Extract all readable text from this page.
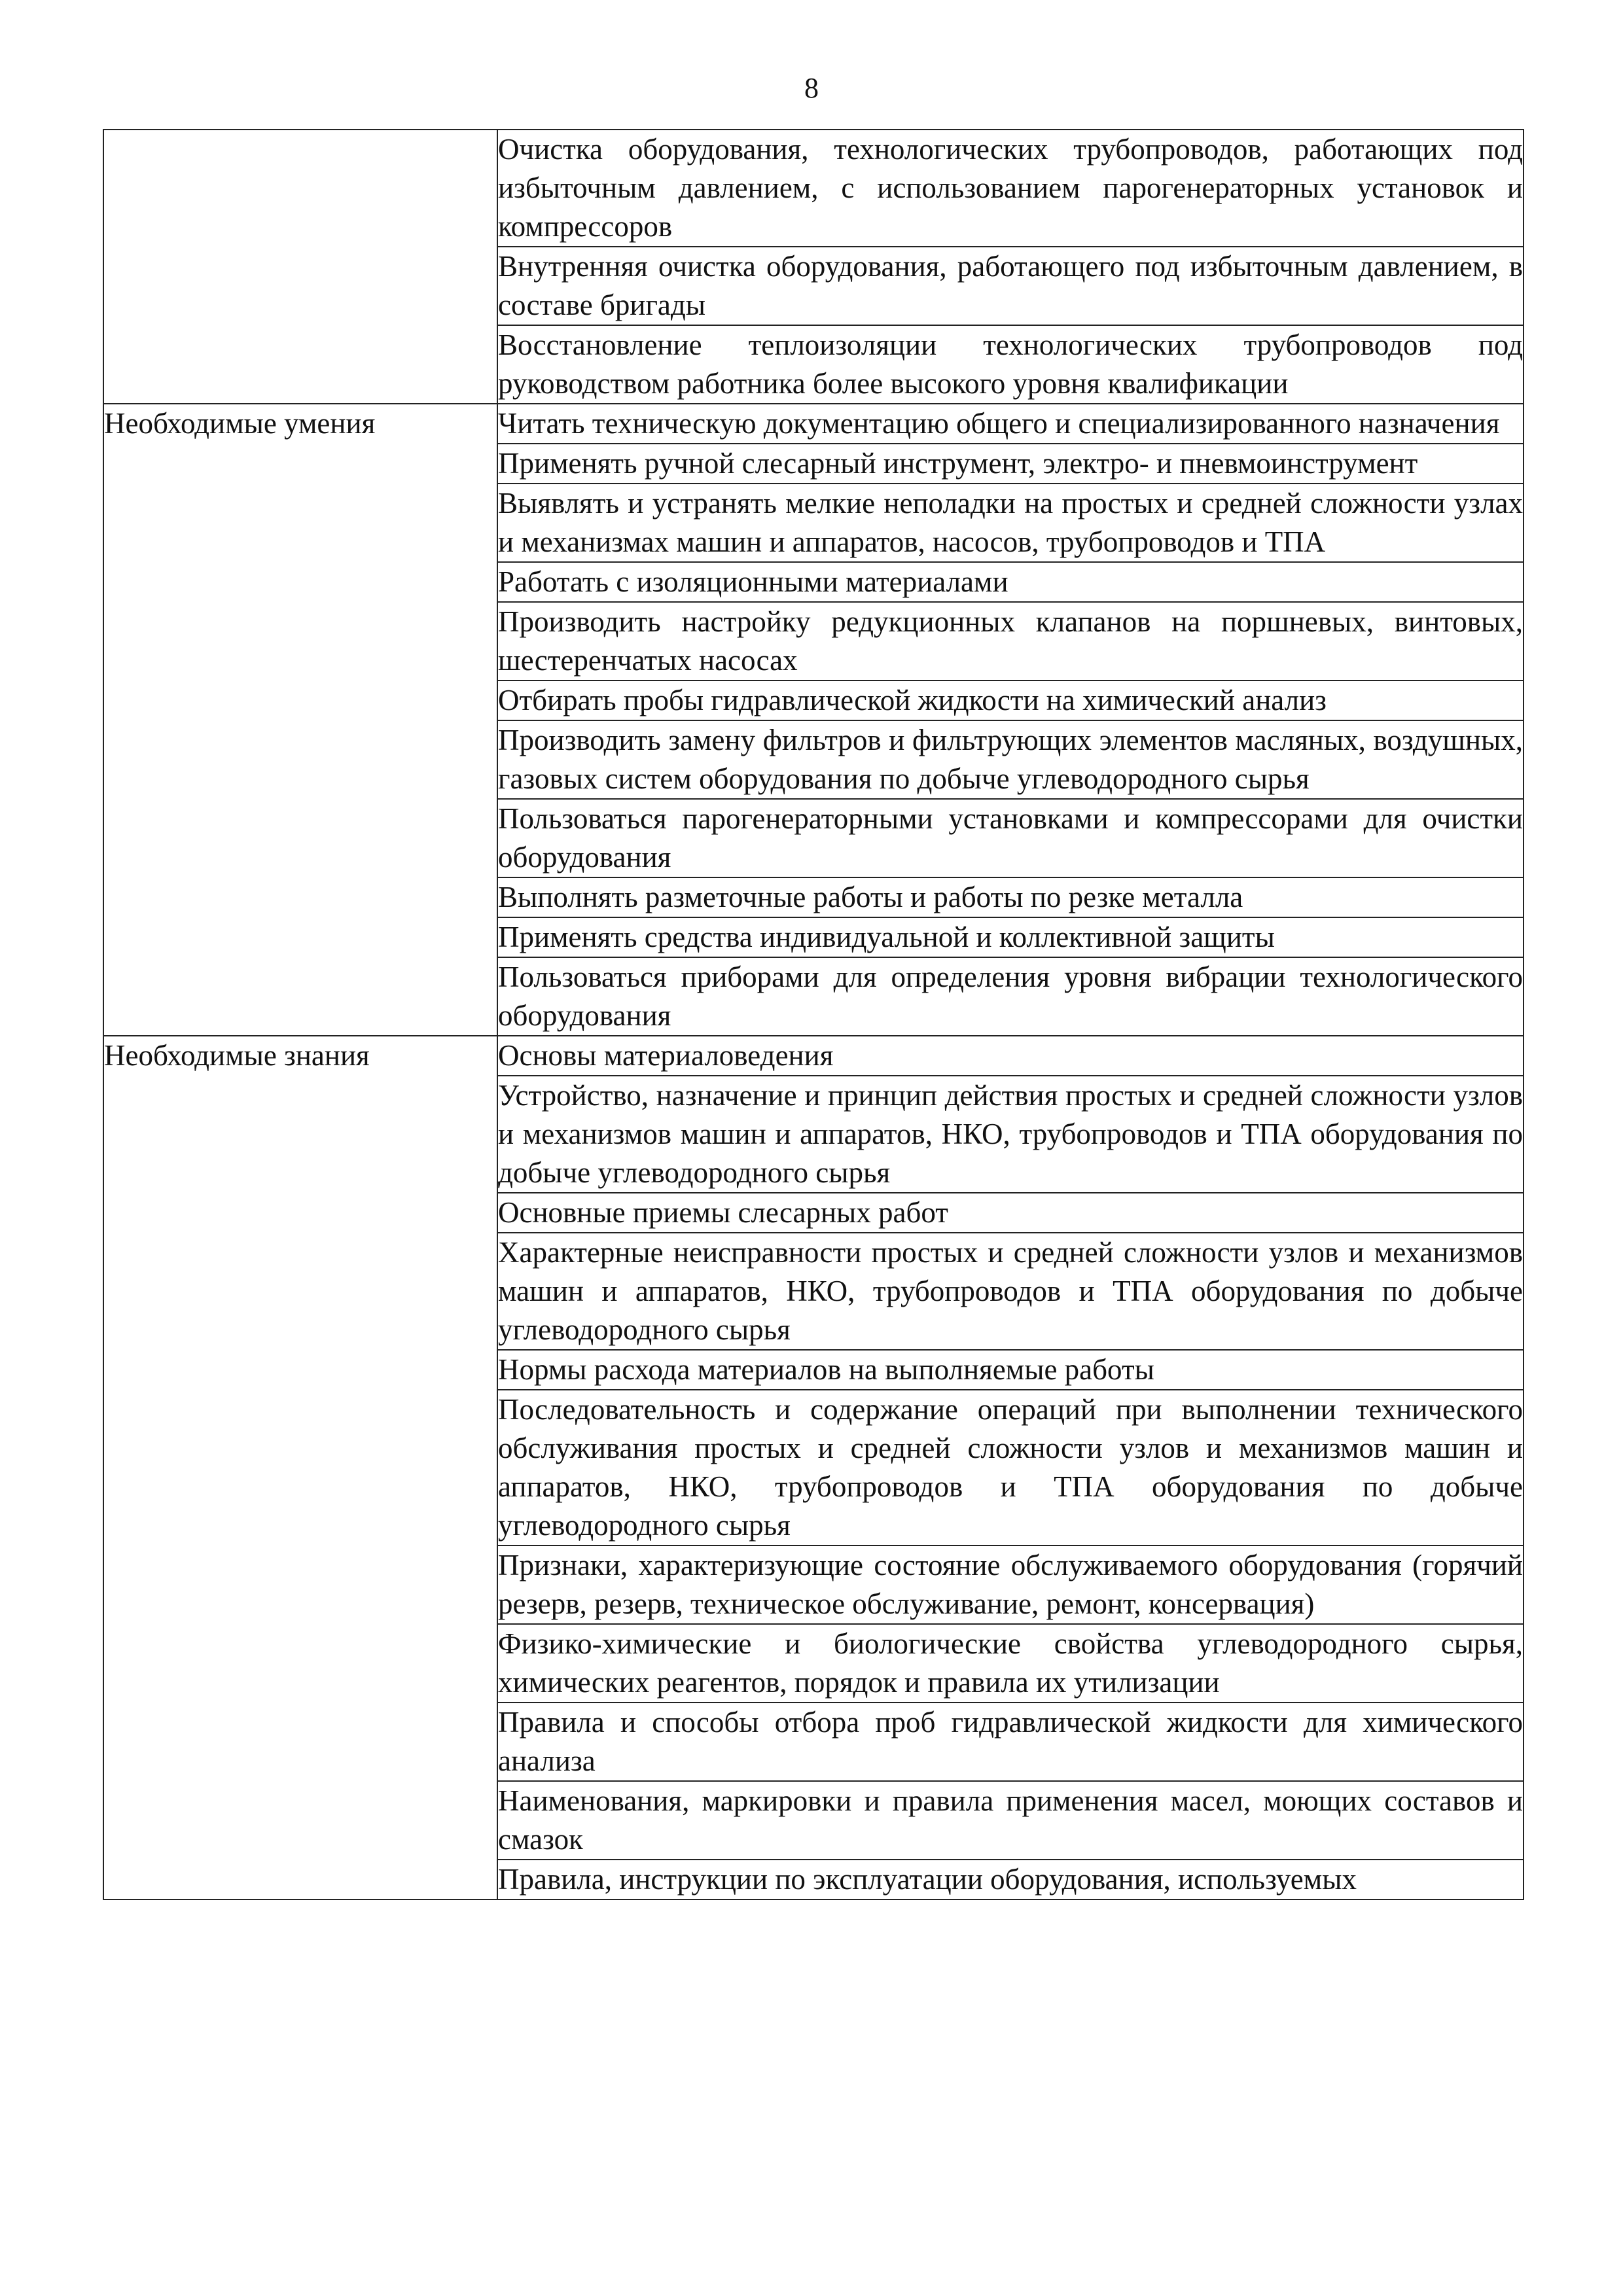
8

	Очистка оборудования, технологических трубопроводов, работающих под избыточным давлением, с использованием парогенераторных установок и компрессоров

	Внутренняя очистка оборудования, работающего под избыточным давлением, в составе бригады

	Восстановление теплоизоляции технологических трубопроводов под руководством работника более высокого уровня квалификации

Необходимые умения	Читать техническую документацию общего и специализированного назначения

	Применять ручной слесарный инструмент, электро- и пневмоинструмент

	Выявлять и устранять мелкие неполадки на простых и средней сложности узлах и механизмах машин и аппаратов, насосов, трубопроводов и ТПА

	Работать с изоляционными материалами

	Производить настройку редукционных клапанов на поршневых, винтовых, шестеренчатых насосах

	Отбирать пробы гидравлической жидкости на химический анализ

	Производить замену фильтров и фильтрующих элементов масляных, воздушных, газовых систем оборудования по добыче углеводородного сырья

	Пользоваться парогенераторными установками и компрессорами для очистки оборудования

	Выполнять разметочные работы и работы по резке металла

	Применять средства индивидуальной и коллективной защиты

	Пользоваться приборами для определения уровня вибрации технологического оборудования

Необходимые знания	Основы материаловедения

	Устройство, назначение и принцип действия простых и средней сложности узлов и механизмов машин и аппаратов, НКО, трубопроводов и ТПА оборудования по добыче углеводородного сырья

	Основные приемы слесарных работ

	Характерные неисправности простых и средней сложности узлов и механизмов машин и аппаратов, НКО, трубопроводов и ТПА оборудования по добыче углеводородного сырья

	Нормы расхода материалов на выполняемые работы

	Последовательность и содержание операций при выполнении технического обслуживания простых и средней сложности узлов и механизмов машин и аппаратов, НКО, трубопроводов и ТПА оборудования по добыче углеводородного сырья

	Признаки, характеризующие состояние обслуживаемого оборудования (горячий резерв, резерв, техническое обслуживание, ремонт, консервация)

	Физико-химические и биологические свойства углеводородного сырья, химических реагентов, порядок и правила их утилизации

	Правила и способы отбора проб гидравлической жидкости для химического анализа

	Наименования, маркировки и правила применения масел, моющих составов и смазок

	Правила, инструкции по эксплуатации оборудования, используемых
